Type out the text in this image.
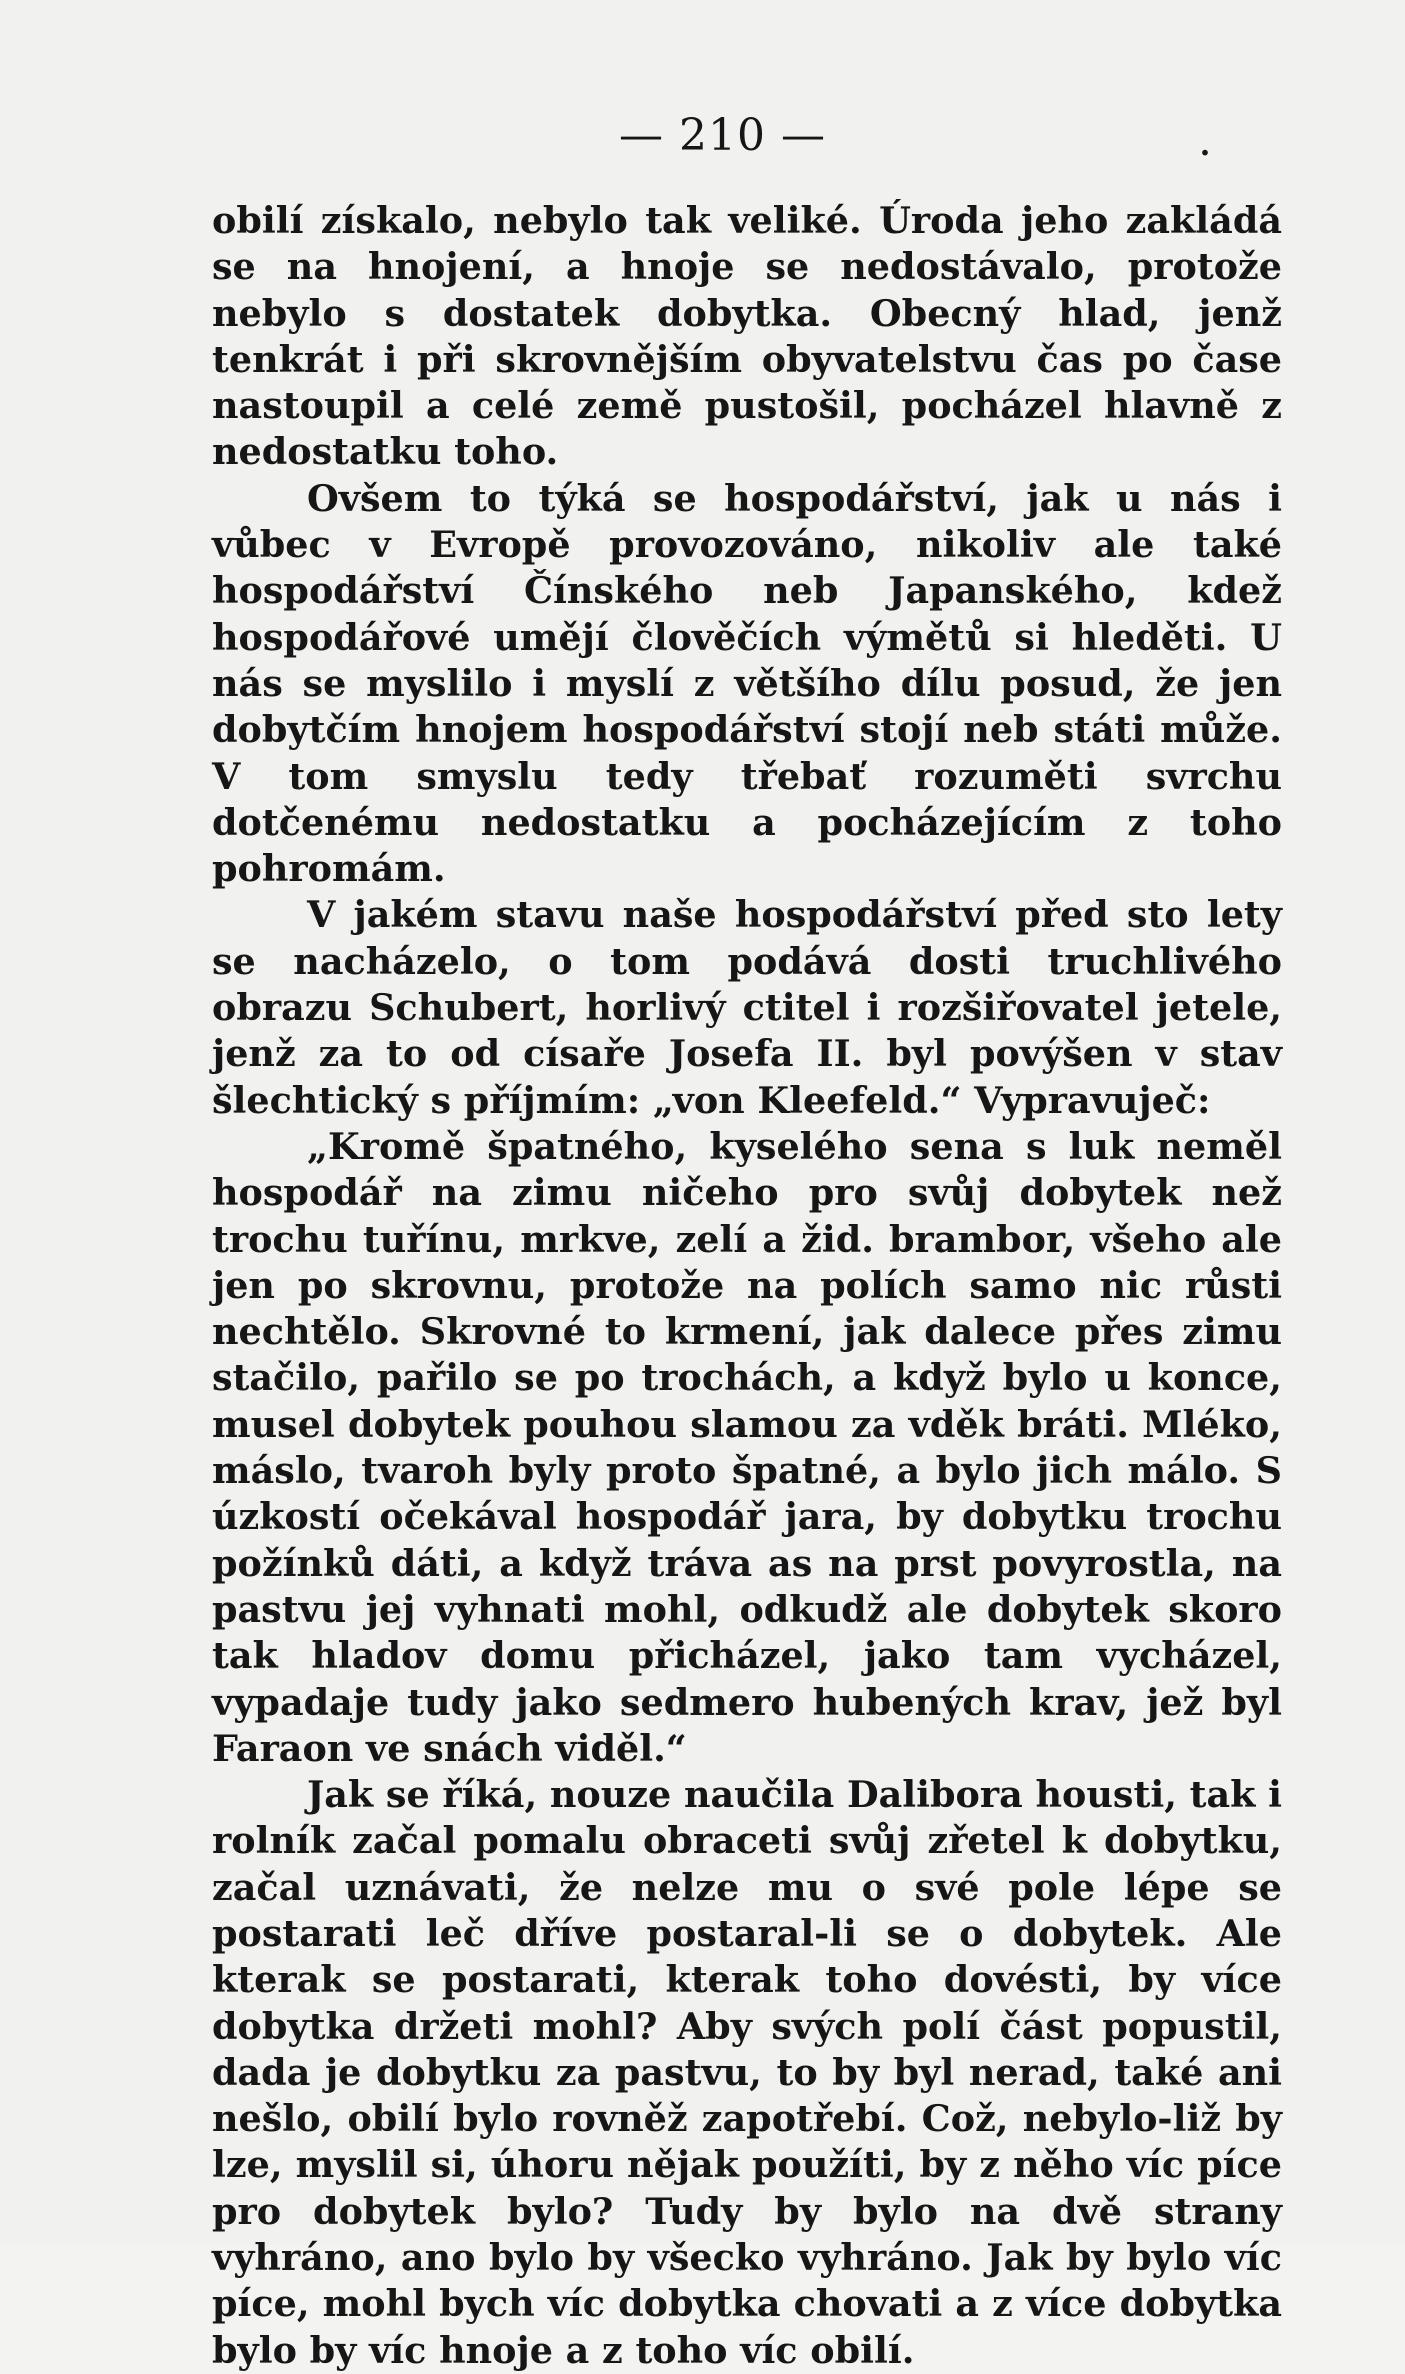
— 210 —	.

obilí získalo, nebylo tak veliké. Úroda jeho zakládá se na hnojení, a hnoje se nedostávalo, protože nebylo s dostatek dobytka. Obecný hlad, jenž tenkrát i při skrovnějším obyvatelstvu čas po čase nastoupil a celé země pustošil, pocházel hlavně z nedostatku toho.

Ovšem to týká se hospodářství, jak u nás i vůbec v Evropě provozováno, nikoliv ale také hospodářství Čínského neb Japanského, kdež hospodářové umějí člověčích výmětů si hleděti. U nás se myslilo i myslí z většího dílu posud, že jen dobytčím hnojem hospodářství stojí neb státi může. V tom smyslu tedy třebať rozuměti svrchu dotčenému nedostatku a pocházejícím z toho pohromám.

V jakém stavu naše hospodářství před sto lety se nacházelo, o tom podává dosti truchlivého obrazu Schubert, horlivý ctitel i rozšiřovatel jetele, jenž za to od císaře Josefa II. byl povýšen v stav šlechtický s příjmím: „von Kleefeld.“ Vypravuječ:

„Kromě špatného, kyselého sena s luk neměl hospodář na zimu ničeho pro svůj dobytek než trochu tuřínu, mrkve, zelí a žid. brambor, všeho ale jen po skrovnu, protože na polích samo nic růsti nechtělo. Skrovné to krmení, jak dalece přes zimu stačilo, pařilo se po trochách, a když bylo u konce, musel dobytek pouhou slamou za vděk bráti. Mléko, máslo, tvaroh byly proto špatné, a bylo jich málo. S úzkostí očekával hospodář jara, by dobytku trochu požínků dáti, a když tráva as na prst povyrostla, na pastvu jej vyhnati mohl, odkudž ale dobytek skoro tak hladov domu přicházel, jako tam vycházel, vypadaje tudy jako sedmero hubených krav, jež byl Faraon ve snách viděl.“

Jak se říká, nouze naučila Dalibora housti, tak i rolník začal pomalu obraceti svůj zřetel k dobytku, začal uznávati, že nelze mu o své pole lépe se postarati leč dříve postaral-li se o dobytek. Ale kterak se postarati, kterak toho dovésti, by více dobytka držeti mohl? Aby svých polí část popustil, dada je dobytku za pastvu, to by byl nerad, také ani nešlo, obilí bylo rovněž zapotřebí. Což, nebylo-liž by lze, myslil si, úhoru nějak použíti, by z něho víc píce pro dobytek bylo? Tudy by bylo na dvě strany vyhráno, ano bylo by všecko vyhráno. Jak by bylo víc píce, mohl bych víc dobytka chovati a z více dobytka bylo by víc hnoje a z toho víc obilí.
